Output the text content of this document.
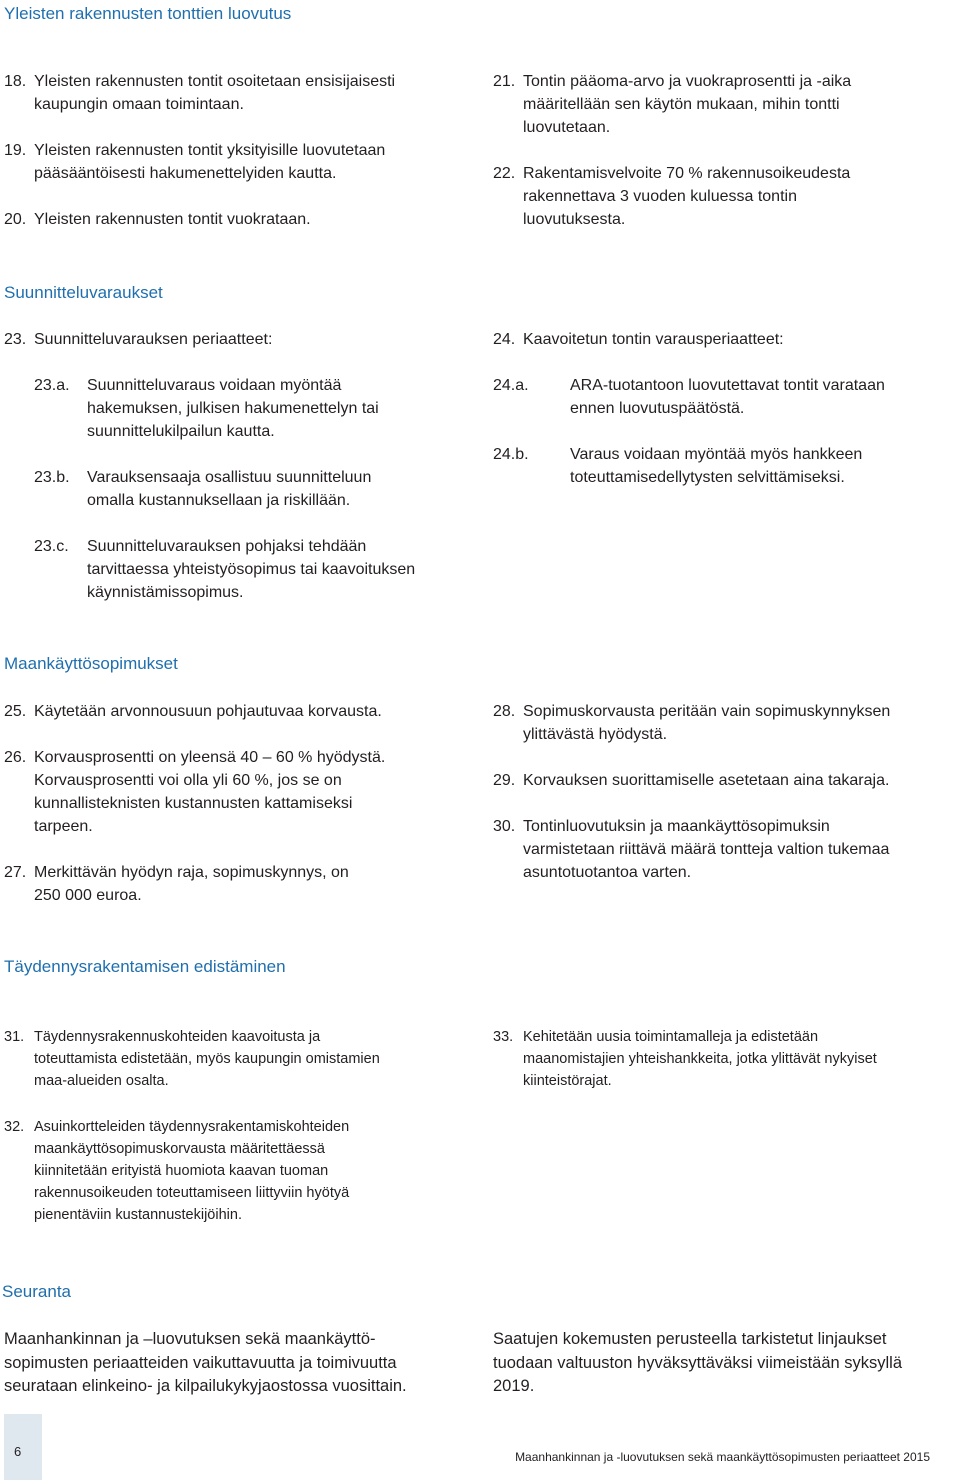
Yleisten rakennusten tonttien luovutus
18. Yleisten rakennusten tontit osoitetaan ensisijaisesti
kaupungin omaan toimintaan.
19. Yleisten rakennusten tontit yksityisille luovutetaan
pääsääntöisesti hakumenettelyiden kautta.
20. Yleisten rakennusten tontit vuokrataan.
21. Tontin pääoma-arvo ja vuokraprosentti ja -aika
määritellään sen käytön mukaan, mihin tontti
luovutetaan.
22. Rakentamisvelvoite 70 % rakennusoikeudesta
rakennettava 3 vuoden kuluessa tontin
luovutuksesta.
Suunnitteluvaraukset
23. Suunnitteluvarauksen periaatteet:
23.a. Suunnitteluvaraus voidaan myöntää
hakemuksen, julkisen hakumenettelyn tai
suunnittelukilpailun kautta.
23.b. Varauksensaaja osallistuu suunnitteluun
omalla kustannuksellaan ja riskillään.
23.c. Suunnitteluvarauksen pohjaksi tehdään
tarvittaessa yhteistyösopimus tai kaavoituksen
käynnistämissopimus.
24. Kaavoitetun tontin varausperiaatteet:
24.a.	ARA-tuotantoon luovutettavat tontit varataan
ennen luovutuspäätöstä.
24.b.	Varaus voidaan myöntää myös hankkeen
toteuttamisedellytysten selvittämiseksi.
Maankäyttösopimukset
25. Käytetään arvonnousuun pohjautuvaa korvausta.
26. Korvausprosentti on yleensä 40 – 60 % hyödystä.
Korvausprosentti voi olla yli 60 %, jos se on
kunnallisteknisten kustannusten kattamiseksi
tarpeen.
27. Merkittävän hyödyn raja, sopimuskynnys, on
250 000 euroa.
28. Sopimuskorvausta peritään vain sopimuskynnyksen
ylittävästä hyödystä.
29. Korvauksen suorittamiselle asetetaan aina takaraja.
30. Tontinluovutuksin ja maankäyttösopimuksin
varmistetaan riittävä määrä tontteja valtion tukemaa
asuntotuotantoa varten.
Täydennysrakentamisen edistäminen
31. Täydennysrakennuskohteiden kaavoitusta ja
toteuttamista edistetään, myös kaupungin omistamien
maa-alueiden osalta.
32. Asuinkortteleiden täydennysrakentamiskohteiden
maankäyttösopimuskorvausta määritettäessä
kiinnitetään erityistä huomiota kaavan tuoman
rakennusoikeuden toteuttamiseen liittyviin hyötyä
pienentäviin kustannustekijöihin.
33. Kehitetään uusia toimintamalleja ja edistetään
maanomistajien yhteishankkeita, jotka ylittävät nykyiset
kiinteistörajat.
Seuranta
Maanhankinnan ja –luovutuksen sekä maankäyttö-
sopimusten periaatteiden vaikuttavuutta ja toimivuutta
seurataan elinkeino- ja kilpailukykyjaostossa vuosittain.
Saatujen kokemusten perusteella tarkistetut linjaukset
tuodaan valtuuston hyväksyttäväksi viimeistään syksyllä
2019.
6	Maanhankinnan ja -luovutuksen sekä maankäyttösopimusten periaatteet 2015
